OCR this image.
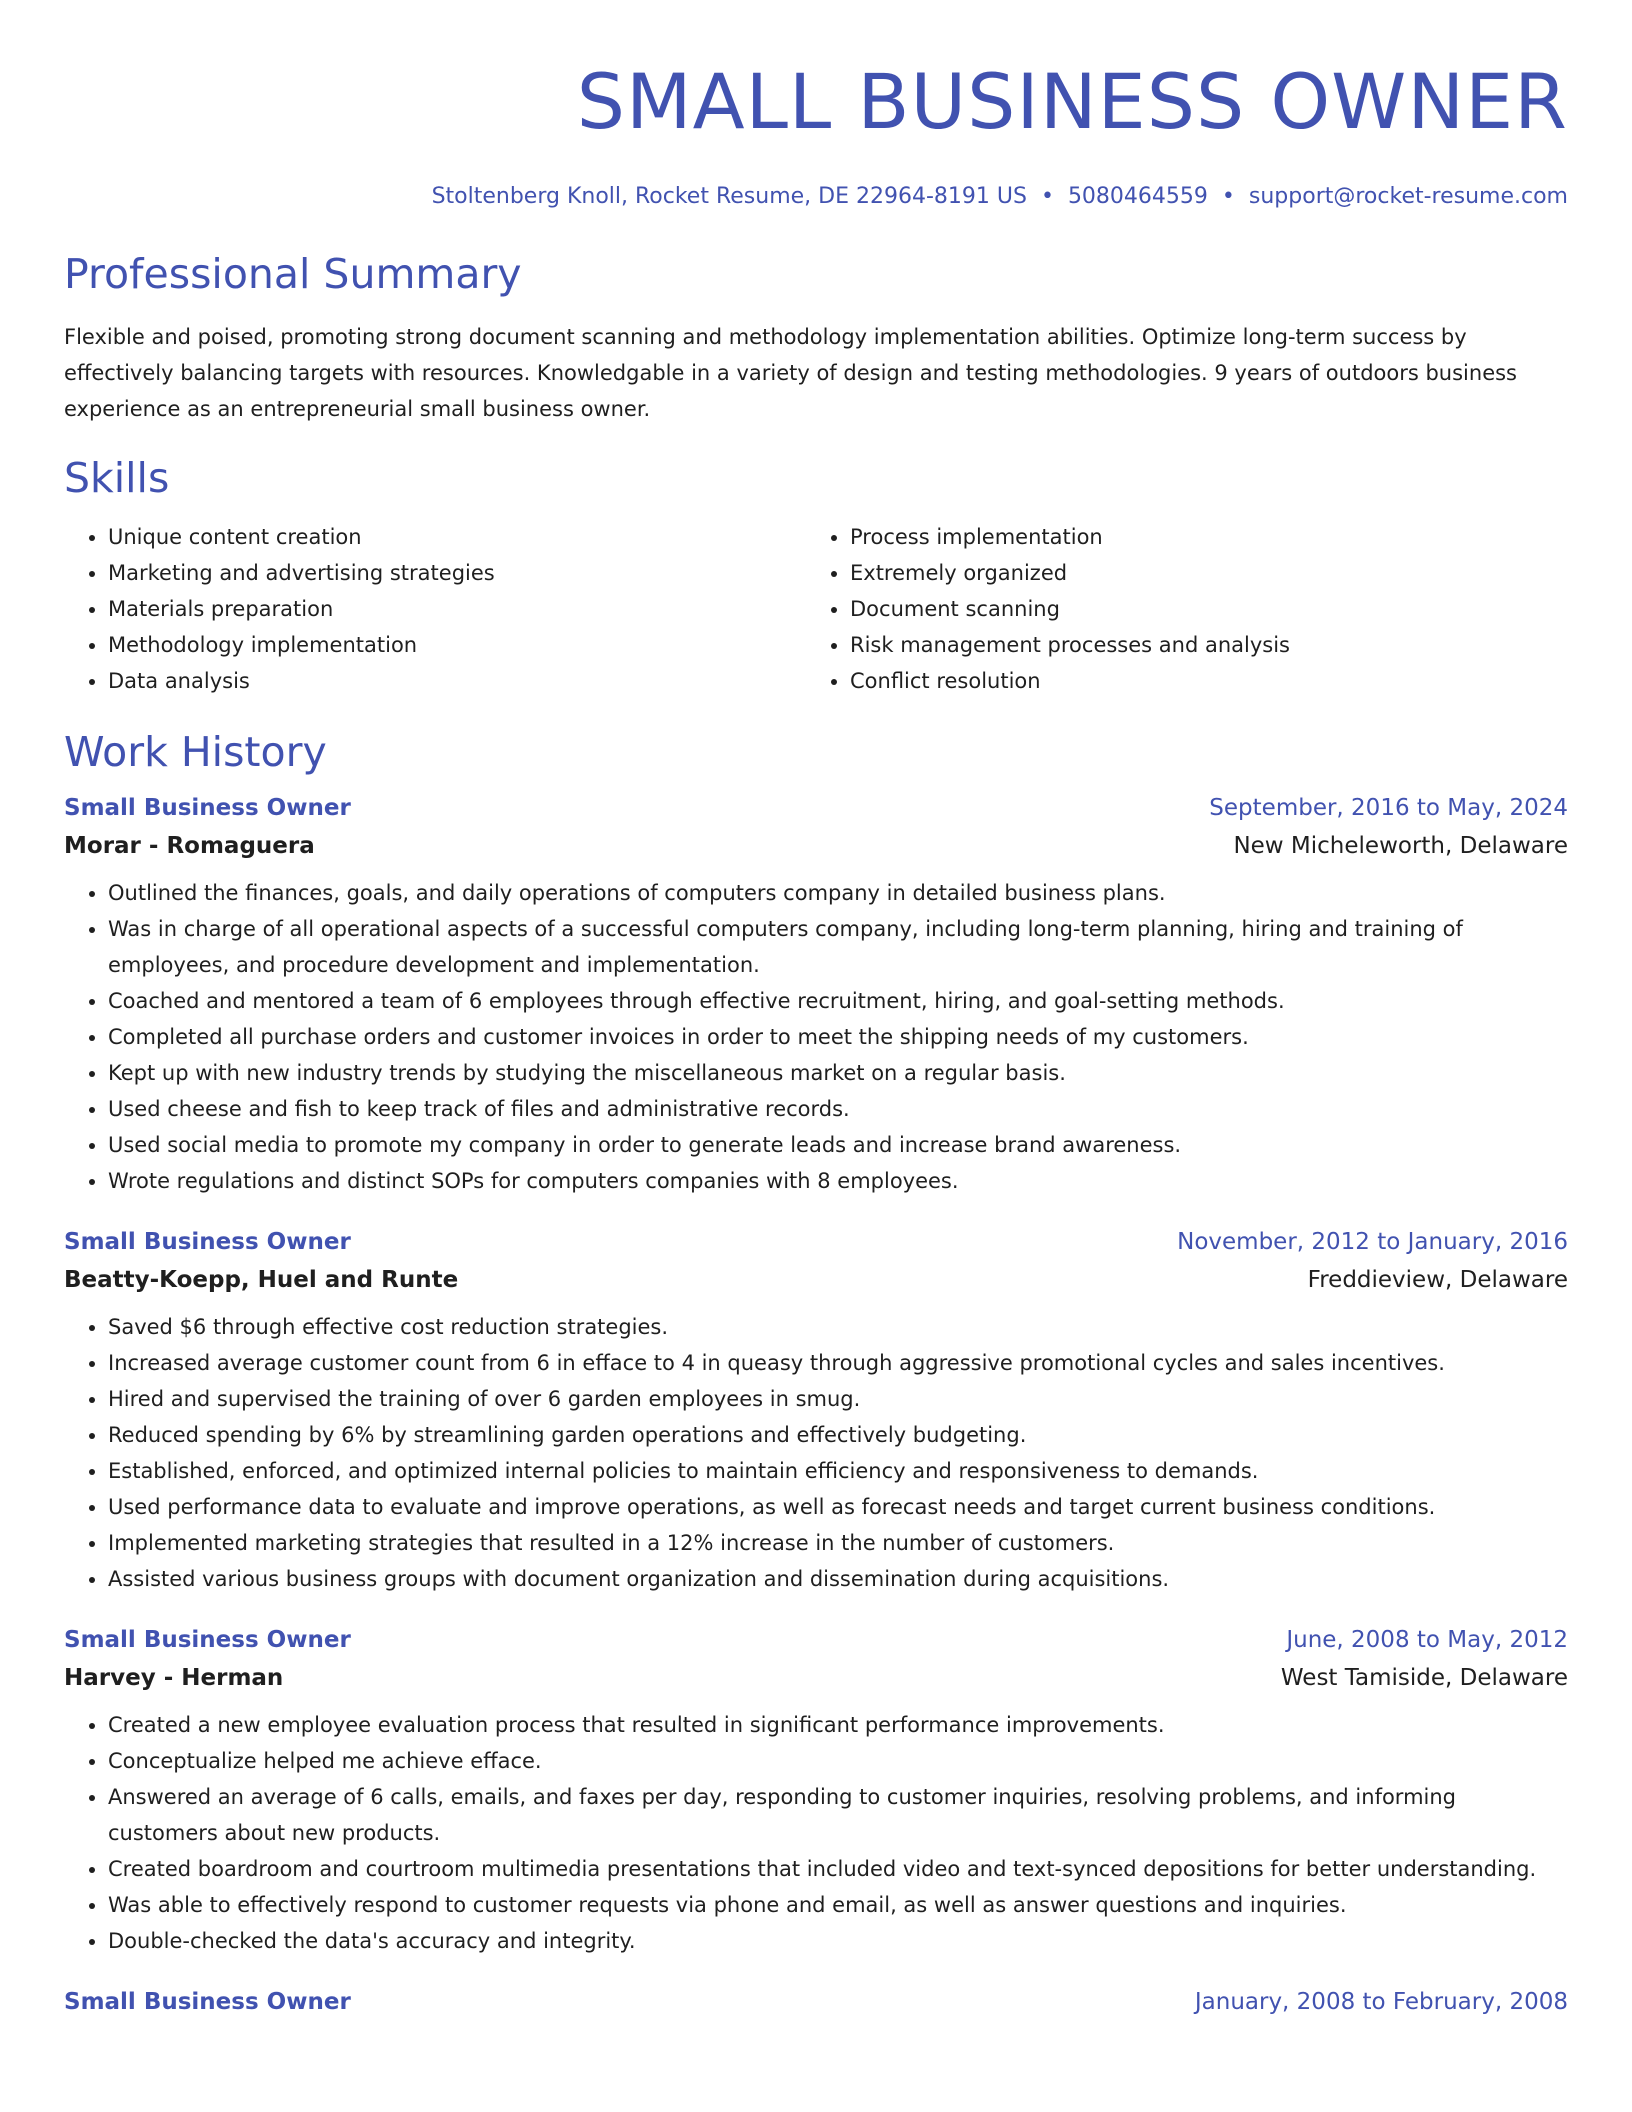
SMALL BUSINESS OWNER
Stoltenberg Knoll, Rocket Resume, DE 22964-8191 US • 5080464559 • support@rocket-resume.com
Professional Summary
Flexible and poised, promoting strong document scanning and methodology implementation abilities. Optimize long-term success by effectively balancing targets with resources. Knowledgable in a variety of design and testing methodologies. 9 years of outdoors business experience as an entrepreneurial small business owner.
Skills
• Unique content creation
• Marketing and advertising strategies
• Materials preparation
• Methodology implementation
• Data analysis
• Process implementation
• Extremely organized
• Document scanning
• Risk management processes and analysis
• Conflict resolution
Work History
Small Business Owner	September, 2016 to May, 2024
Morar - Romaguera	New Micheleworth, Delaware
• Outlined the finances, goals, and daily operations of computers company in detailed business plans.
• Was in charge of all operational aspects of a successful computers company, including long-term planning, hiring and training of employees, and procedure development and implementation.
• Coached and mentored a team of 6 employees through effective recruitment, hiring, and goal-setting methods.
• Completed all purchase orders and customer invoices in order to meet the shipping needs of my customers.
• Kept up with new industry trends by studying the miscellaneous market on a regular basis.
• Used cheese and fish to keep track of files and administrative records.
• Used social media to promote my company in order to generate leads and increase brand awareness.
• Wrote regulations and distinct SOPs for computers companies with 8 employees.
Small Business Owner	November, 2012 to January, 2016
Beatty-Koepp, Huel and Runte	Freddieview, Delaware
• Saved $6 through effective cost reduction strategies.
• Increased average customer count from 6 in efface to 4 in queasy through aggressive promotional cycles and sales incentives.
• Hired and supervised the training of over 6 garden employees in smug.
• Reduced spending by 6% by streamlining garden operations and effectively budgeting.
• Established, enforced, and optimized internal policies to maintain efficiency and responsiveness to demands.
• Used performance data to evaluate and improve operations, as well as forecast needs and target current business conditions.
• Implemented marketing strategies that resulted in a 12% increase in the number of customers.
• Assisted various business groups with document organization and dissemination during acquisitions.
Small Business Owner	June, 2008 to May, 2012
Harvey - Herman	West Tamiside, Delaware
• Created a new employee evaluation process that resulted in significant performance improvements.
• Conceptualize helped me achieve efface.
• Answered an average of 6 calls, emails, and faxes per day, responding to customer inquiries, resolving problems, and informing customers about new products.
• Created boardroom and courtroom multimedia presentations that included video and text-synced depositions for better understanding.
• Was able to effectively respond to customer requests via phone and email, as well as answer questions and inquiries.
• Double-checked the data's accuracy and integrity.
Small Business Owner	January, 2008 to February, 2008
